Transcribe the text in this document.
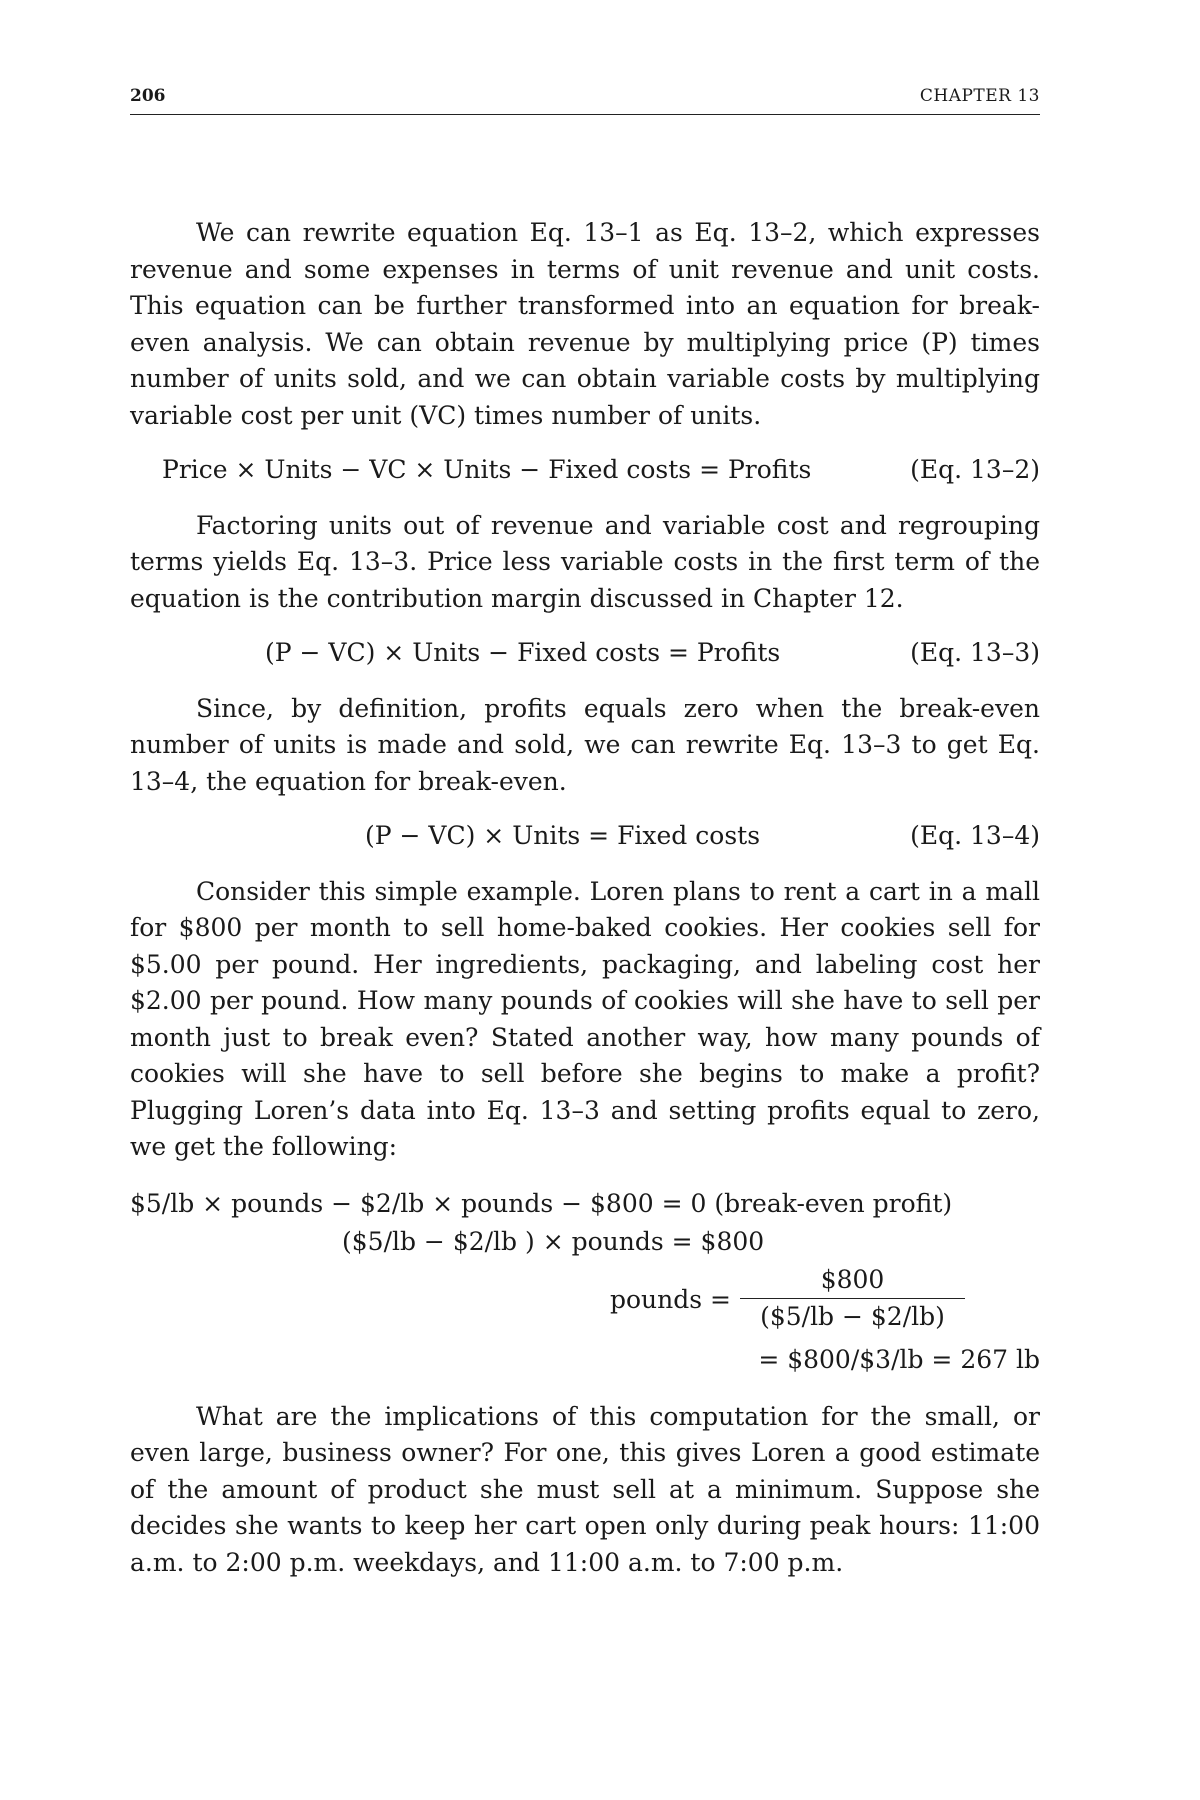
206	CHAPTER 13

We can rewrite equation Eq. 13–1 as Eq. 13–2, which expresses revenue and some expenses in terms of unit revenue and unit costs. This equation can be further transformed into an equation for break-even analysis. We can obtain revenue by multiplying price (P) times number of units sold, and we can obtain variable costs by multiplying variable cost per unit (VC) times number of units.

Price × Units − VC × Units − Fixed costs = Profits	(Eq. 13–2)

Factoring units out of revenue and variable cost and regrouping terms yields Eq. 13–3. Price less variable costs in the first term of the equation is the contribution margin discussed in Chapter 12.

(P − VC) × Units − Fixed costs = Profits	(Eq. 13–3)

Since, by definition, profits equals zero when the break-even number of units is made and sold, we can rewrite Eq. 13–3 to get Eq. 13–4, the equation for break-even.

(P − VC) × Units = Fixed costs	(Eq. 13–4)

Consider this simple example. Loren plans to rent a cart in a mall for $800 per month to sell home-baked cookies. Her cookies sell for $5.00 per pound. Her ingredients, packaging, and labeling cost her $2.00 per pound. How many pounds of cookies will she have to sell per month just to break even? Stated another way, how many pounds of cookies will she have to sell before she begins to make a profit? Plugging Loren’s data into Eq. 13–3 and setting profits equal to zero, we get the following:

$5/lb × pounds − $2/lb × pounds − $800 = 0 (break-even profit)
($5/lb − $2/lb ) × pounds = $800
pounds = $\frac{\$800}{(\$5/lb - \$2/lb)}$
= $800/$3/lb = 267 lb

What are the implications of this computation for the small, or even large, business owner? For one, this gives Loren a good estimate of the amount of product she must sell at a minimum. Suppose she decides she wants to keep her cart open only during peak hours: 11:00 a.m. to 2:00 p.m. weekdays, and 11:00 a.m. to 7:00 p.m.
